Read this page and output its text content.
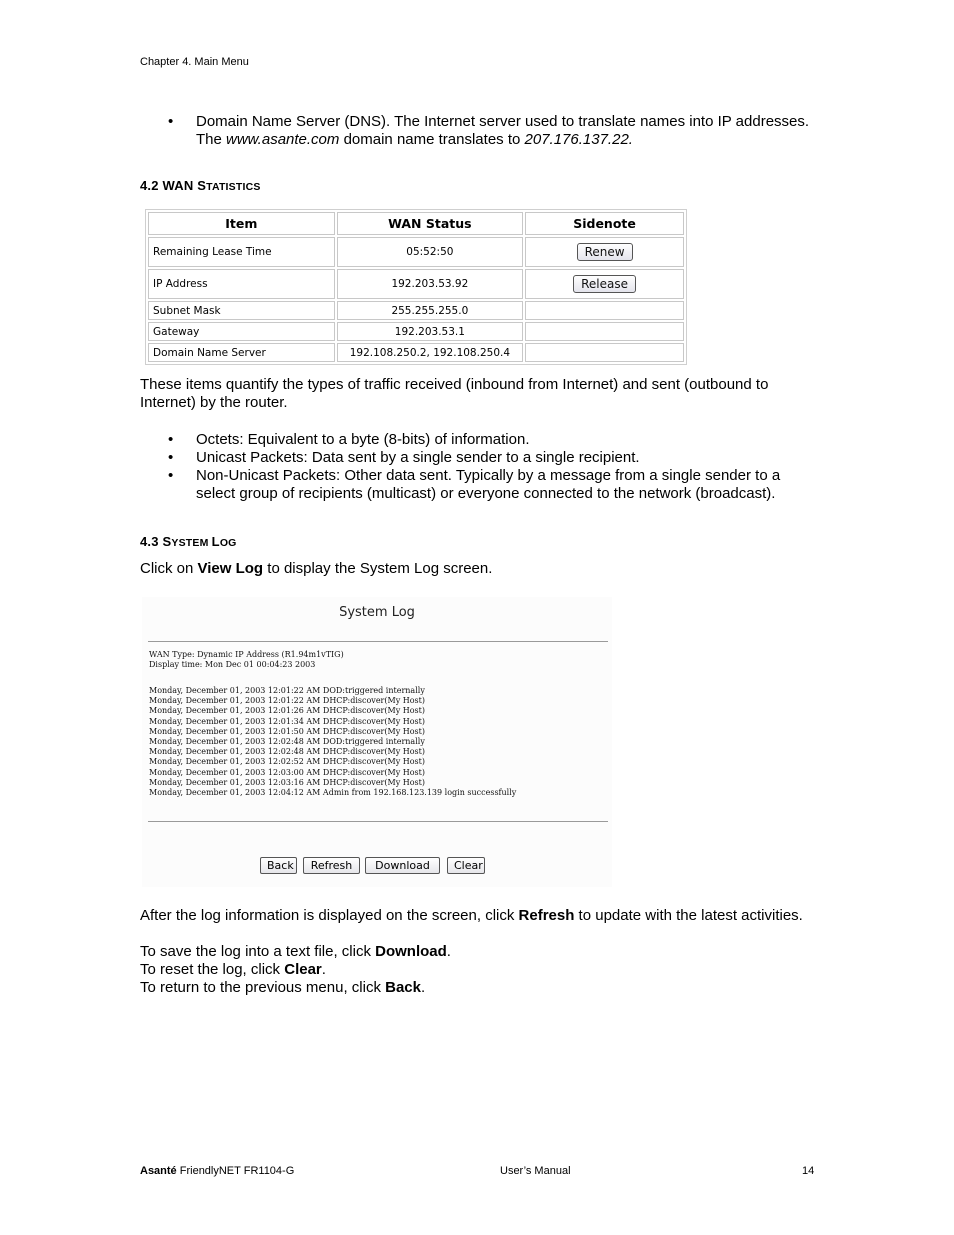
Chapter 4. Main Menu
• Domain Name Server (DNS). The Internet server used to translate names into IP addresses. The www.asante.com domain name translates to 207.176.137.22.
4.2 WAN STATISTICS
Item	WAN Status	Sidenote
Remaining Lease Time	05:52:50	Renew
IP Address	192.203.53.92	Release
Subnet Mask	255.255.255.0	
Gateway	192.203.53.1	
Domain Name Server	192.108.250.2, 192.108.250.4	
These items quantify the types of traffic received (inbound from Internet) and sent (outbound to Internet) by the router.
• Octets: Equivalent to a byte (8-bits) of information.
• Unicast Packets: Data sent by a single sender to a single recipient.
• Non-Unicast Packets: Other data sent. Typically by a message from a single sender to a select group of recipients (multicast) or everyone connected to the network (broadcast).
4.3 SYSTEM LOG
Click on View Log to display the System Log screen.
System Log
WAN Type: Dynamic IP Address (R1.94m1vTIG)
Display time: Mon Dec 01 00:04:23 2003
Monday, December 01, 2003 12:01:22 AM DOD:triggered internally
Monday, December 01, 2003 12:01:22 AM DHCP:discover(My Host)
Monday, December 01, 2003 12:01:26 AM DHCP:discover(My Host)
Monday, December 01, 2003 12:01:34 AM DHCP:discover(My Host)
Monday, December 01, 2003 12:01:50 AM DHCP:discover(My Host)
Monday, December 01, 2003 12:02:48 AM DOD:triggered internally
Monday, December 01, 2003 12:02:48 AM DHCP:discover(My Host)
Monday, December 01, 2003 12:02:52 AM DHCP:discover(My Host)
Monday, December 01, 2003 12:03:00 AM DHCP:discover(My Host)
Monday, December 01, 2003 12:03:16 AM DHCP:discover(My Host)
Monday, December 01, 2003 12:04:12 AM Admin from 192.168.123.139 login successfully
Back	Refresh	Download	Clear
After the log information is displayed on the screen, click Refresh to update with the latest activities.
To save the log into a text file, click Download.
To reset the log, click Clear.
To return to the previous menu, click Back.
Asanté FriendlyNET FR1104-G	User’s Manual	14
